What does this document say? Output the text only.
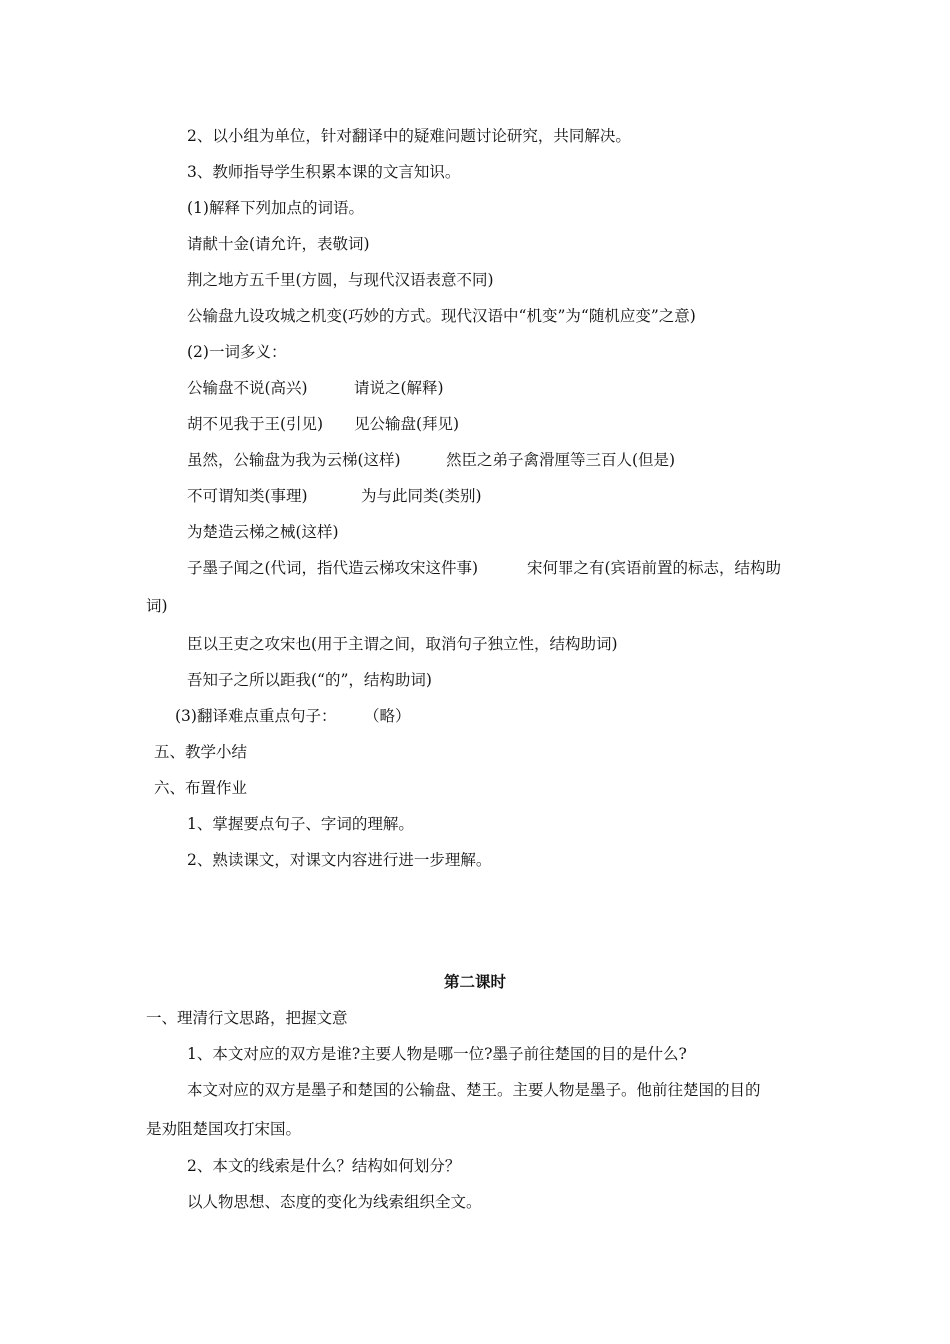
2、以小组为单位，针对翻译中的疑难问题讨论研究，共同解决。

3、教师指导学生积累本课的文言知识。

(1)解释下列加点的词语。

请献十金(请允许，表敬词)

荆之地方五千里(方圆，与现代汉语表意不同)

公输盘九设攻城之机变(巧妙的方式。现代汉语中“机变”为“随机应变”之意)

(2)一词多义：

公输盘不说(高兴)	请说之(解释)

胡不见我于王(引见) 见公输盘(拜见)

虽然，公输盘为我为云梯(这样)	然臣之弟子禽滑厘等三百人(但是)

不可谓知类(事理)	为与此同类(类别)

为楚造云梯之械(这样)

子墨子闻之(代词，指代造云梯攻宋这件事)	宋何罪之有(宾语前置的标志，结构助

词)

臣以王吏之攻宋也(用于主谓之间，取消句子独立性，结构助词)

吾知子之所以距我(“的”，结构助词)

(3)翻译难点重点句子： （略）

五、教学小结

六、布置作业

1、掌握要点句子、字词的理解。

2、熟读课文，对课文内容进行进一步理解。

第二课时

一、理清行文思路，把握文意

1、本文对应的双方是谁?主要人物是哪一位?墨子前往楚国的目的是什么?

本文对应的双方是墨子和楚国的公输盘、楚王。主要人物是墨子。他前往楚国的目的

是劝阻楚国攻打宋国。

2、本文的线索是什么？结构如何划分？

以人物思想、态度的变化为线索组织全文。
